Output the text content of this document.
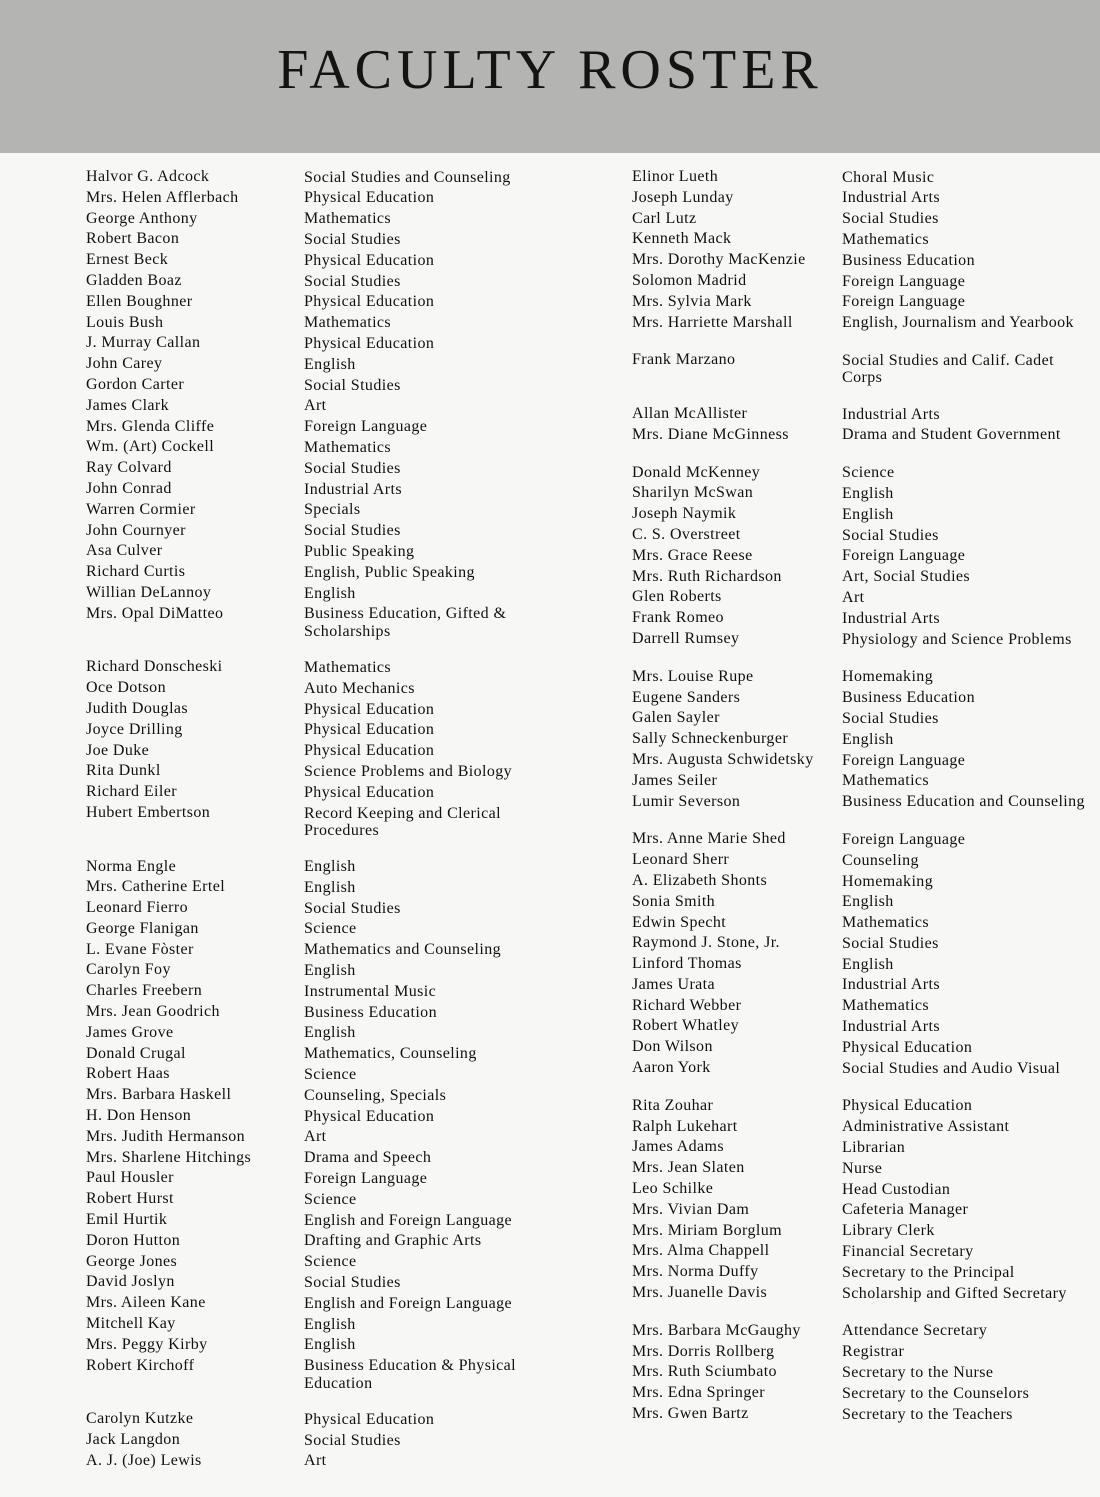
FACULTY ROSTER
Halvor G. Adcock	Social Studies and Counseling
Mrs. Helen Afflerbach	Physical Education
George Anthony	Mathematics
Robert Bacon	Social Studies
Ernest Beck	Physical Education
Gladden Boaz	Social Studies
Ellen Boughner	Physical Education
Louis Bush	Mathematics
J. Murray Callan	Physical Education
John Carey	English
Gordon Carter	Social Studies
James Clark	Art
Mrs. Glenda Cliffe	Foreign Language
Wm. (Art) Cockell	Mathematics
Ray Colvard	Social Studies
John Conrad	Industrial Arts
Warren Cormier	Specials
John Cournyer	Social Studies
Asa Culver	Public Speaking
Richard Curtis	English, Public Speaking
Willian DeLannoy	English
Mrs. Opal DiMatteo	Business Education, Gifted & Scholarships
Richard Donscheski	Mathematics
Oce Dotson	Auto Mechanics
Judith Douglas	Physical Education
Joyce Drilling	Physical Education
Joe Duke	Physical Education
Rita Dunkl	Science Problems and Biology
Richard Eiler	Physical Education
Hubert Embertson	Record Keeping and Clerical Procedures
Norma Engle	English
Mrs. Catherine Ertel	English
Leonard Fierro	Social Studies
George Flanigan	Science
L. Evane Fòster	Mathematics and Counseling
Carolyn Foy	English
Charles Freebern	Instrumental Music
Mrs. Jean Goodrich	Business Education
James Grove	English
Donald Crugal	Mathematics, Counseling
Robert Haas	Science
Mrs. Barbara Haskell	Counseling, Specials
H. Don Henson	Physical Education
Mrs. Judith Hermanson	Art
Mrs. Sharlene Hitchings	Drama and Speech
Paul Housler	Foreign Language
Robert Hurst	Science
Emil Hurtik	English and Foreign Language
Doron Hutton	Drafting and Graphic Arts
George Jones	Science
David Joslyn	Social Studies
Mrs. Aileen Kane	English and Foreign Language
Mitchell Kay	English
Mrs. Peggy Kirby	English
Robert Kirchoff	Business Education & Physical Education
Carolyn Kutzke	Physical Education
Jack Langdon	Social Studies
A. J. (Joe) Lewis	Art
Elinor Lueth	Choral Music
Joseph Lunday	Industrial Arts
Carl Lutz	Social Studies
Kenneth Mack	Mathematics
Mrs. Dorothy MacKenzie	Business Education
Solomon Madrid	Foreign Language
Mrs. Sylvia Mark	Foreign Language
Mrs. Harriette Marshall	English, Journalism and Yearbook
Frank Marzano	Social Studies and Calif. Cadet Corps
Allan McAllister	Industrial Arts
Mrs. Diane McGinness	Drama and Student Government
Donald McKenney	Science
Sharilyn McSwan	English
Joseph Naymik	English
C. S. Overstreet	Social Studies
Mrs. Grace Reese	Foreign Language
Mrs. Ruth Richardson	Art, Social Studies
Glen Roberts	Art
Frank Romeo	Industrial Arts
Darrell Rumsey	Physiology and Science Problems
Mrs. Louise Rupe	Homemaking
Eugene Sanders	Business Education
Galen Sayler	Social Studies
Sally Schneckenburger	English
Mrs. Augusta Schwidetsky	Foreign Language
James Seiler	Mathematics
Lumir Severson	Business Education and Counseling
Mrs. Anne Marie Shed	Foreign Language
Leonard Sherr	Counseling
A. Elizabeth Shonts	Homemaking
Sonia Smith	English
Edwin Specht	Mathematics
Raymond J. Stone, Jr.	Social Studies
Linford Thomas	English
James Urata	Industrial Arts
Richard Webber	Mathematics
Robert Whatley	Industrial Arts
Don Wilson	Physical Education
Aaron York	Social Studies and Audio Visual
Rita Zouhar	Physical Education
Ralph Lukehart	Administrative Assistant
James Adams	Librarian
Mrs. Jean Slaten	Nurse
Leo Schilke	Head Custodian
Mrs. Vivian Dam	Cafeteria Manager
Mrs. Miriam Borglum	Library Clerk
Mrs. Alma Chappell	Financial Secretary
Mrs. Norma Duffy	Secretary to the Principal
Mrs. Juanelle Davis	Scholarship and Gifted Secretary
Mrs. Barbara McGaughy	Attendance Secretary
Mrs. Dorris Rollberg	Registrar
Mrs. Ruth Sciumbato	Secretary to the Nurse
Mrs. Edna Springer	Secretary to the Counselors
Mrs. Gwen Bartz	Secretary to the Teachers
